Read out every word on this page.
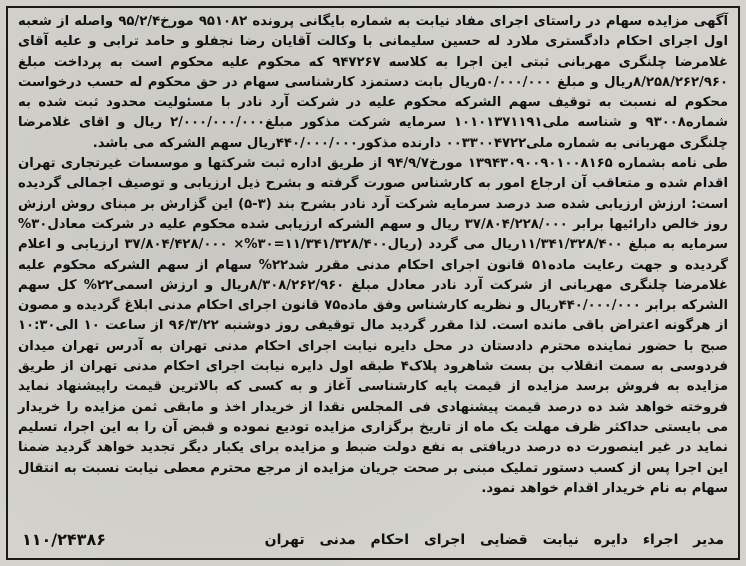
آگهی مزایده سهام در راستای اجرای مفاد نیابت به شماره بایگانی پرونده ۹۵۱۰۸۲ مورخ۹۵/۲/۴ واصله از شعبه اول اجرای احکام دادگستری ملارد له حسین سلیمانی با وکالت آقایان رضا نجفلو و حامد ترابی و علیه آقای غلامرضا چلنگری مهربانی ثبتی این اجرا به کلاسه ۹۴۷۲۶۷ که محکوم علیه محکوم است به پرداخت مبلغ ۸/۲۵۸/۲۶۲/۹۶۰ریال و مبلغ ۵۰/۰۰۰/۰۰۰ریال بابت دستمزد کارشناسی سهام در حق محکوم له حسب درخواست محکوم له نسبت به توقیف سهم الشرکه محکوم علیه در شرکت آرد نادر با مسئولیت محدود ثبت شده به شماره۹۳۰۰۸ و شناسه ملی۱۰۱۰۱۳۷۱۱۹۱ سرمایه شرکت مذکور مبلغ۲/۰۰۰/۰۰۰/۰۰۰ ریال و اقای غلامرضا چلنگری مهربانی به شماره ملی۰۰۳۳۰۰۴۷۲۲ دارنده مذکور۴۴۰/۰۰۰/۰۰۰ریال سهم الشرکه می باشد.

طی نامه بشماره ۱۳۹۴۳۰۹۰۰۹۰۱۰۰۸۱۶۵ مورخ۹۴/۹/۷ از طریق اداره ثبت شرکتها و موسسات غیرتجاری تهران اقدام شده و متعاقب آن ارجاع امور به کارشناس صورت گرفته و بشرح ذیل ارزیابی و توصیف اجمالی گردیده است: ارزش ارزیابی شده صد درصد سرمایه شرکت آرد نادر بشرح بند (۳-۵) این گزارش بر مبنای روش ارزش روز خالص دارائیها برابر ۳۷/۸۰۴/۲۲۸/۰۰۰ ریال و سهم الشرکه ارزیابی شده محکوم علیه در شرکت معادل۳۰% سرمایه به مبلغ ۱۱/۳۴۱/۳۲۸/۴۰۰ریال می گردد (ریال۱۱/۳۴۱/۳۲۸/۴۰۰=۳۰%× ۳۷/۸۰۴/۴۲۸/۰۰۰ ارزیابی و اعلام گردیده و جهت رعایت ماده۵۱ قانون اجرای احکام مدنی مقرر شد۲۲% سهام از سهم الشرکه محکوم علیه غلامرضا چلنگری مهربانی از شرکت آرد نادر معادل مبلغ ۸/۳۰۸/۲۶۲/۹۶۰ریال و ارزش اسمی۲۲% کل سهم الشرکه برابر ۴۴۰/۰۰۰/۰۰۰ریال و نظریه کارشناس وفق ماده۷۵ قانون اجرای احکام مدنی ابلاغ گردیده و مصون از هرگونه اعتراض باقی مانده است. لذا مقرر گردید مال توقیفی روز دوشنبه ۹۶/۳/۲۲ از ساعت ۱۰ الی۱۰:۳۰ صبح با حضور نماینده محترم دادستان در محل دایره نیابت اجرای احکام مدنی تهران به آدرس تهران میدان فردوسی به سمت انقلاب بن بست شاهرود پلاک۴ طبقه اول دایره نیابت اجرای احکام مدنی تهران از طریق مزایده به فروش برسد مزایده از قیمت پایه کارشناسی آغاز و به کسی که بالاترین قیمت راپیشنهاد نماید فروخته خواهد شد ده درصد قیمت پیشنهادی فی المجلس نقدا از خریدار اخذ و مابقی ثمن مزایده را خریدار می بایستی حداکثر ظرف مهلت یک ماه از تاریخ برگزاری مزایده تودیع نموده و قبض آن را به این اجرا، تسلیم نماید در غیر اینصورت ده درصد دریافتی به نفع دولت ضبط و مزایده برای یکبار دیگر تجدید خواهد گردید ضمنا این اجرا پس از کسب دستور تملیک مبنی بر صحت جریان مزایده از مرجع محترم معطی نیابت نسبت به انتقال سهام به نام خریدار اقدام خواهد نمود.

مدیر اجراء دایره نیابت قضایی اجرای احکام مدنی تهران
۱۱۰/۲۴۳۸۶
